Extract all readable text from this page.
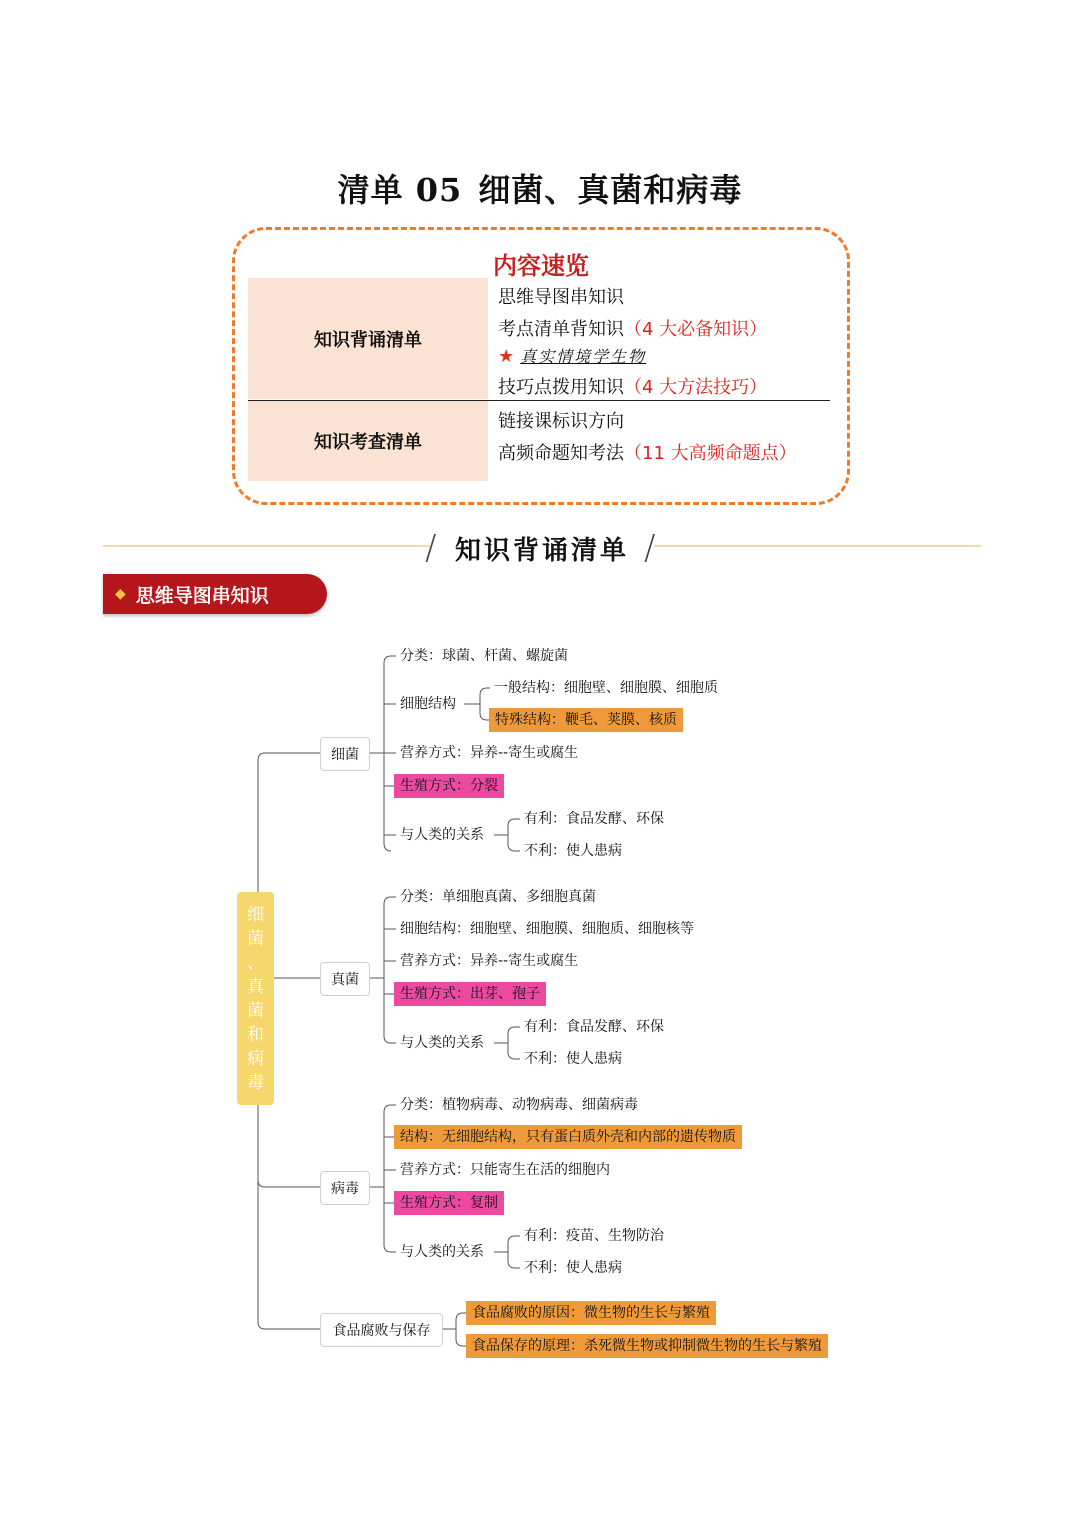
清单 05 细菌、真菌和病毒
内容速览
知识背诵清单
知识考查清单
思维导图串知识
考点清单背知识（4 大必备知识）
★ 真实情境学生物
技巧点拨用知识（4 大方法技巧）
链接课标识方向
高频命题知考法（11 大高频命题点）
/	/
知识背诵清单
◆ 思维导图串知识
细
菌
、
真
菌
和
病
毒
细菌
真菌
病毒
食品腐败与保存
分类：球菌、杆菌、螺旋菌
细胞结构
一般结构：细胞壁、细胞膜、细胞质
特殊结构：鞭毛、荚膜、核质
营养方式：异养--寄生或腐生
生殖方式：分裂
与人类的关系
有利：食品发酵、环保
不利：使人患病
分类：单细胞真菌、多细胞真菌
细胞结构：细胞壁、细胞膜、细胞质、细胞核等
营养方式：异养--寄生或腐生
生殖方式：出芽、孢子
与人类的关系
有利：食品发酵、环保
不利：使人患病
分类：植物病毒、动物病毒、细菌病毒
结构：无细胞结构，只有蛋白质外壳和内部的遗传物质
营养方式：只能寄生在活的细胞内
生殖方式：复制
与人类的关系
有利：疫苗、生物防治
不利：使人患病
食品腐败的原因：微生物的生长与繁殖
食品保存的原理：杀死微生物或抑制微生物的生长与繁殖
